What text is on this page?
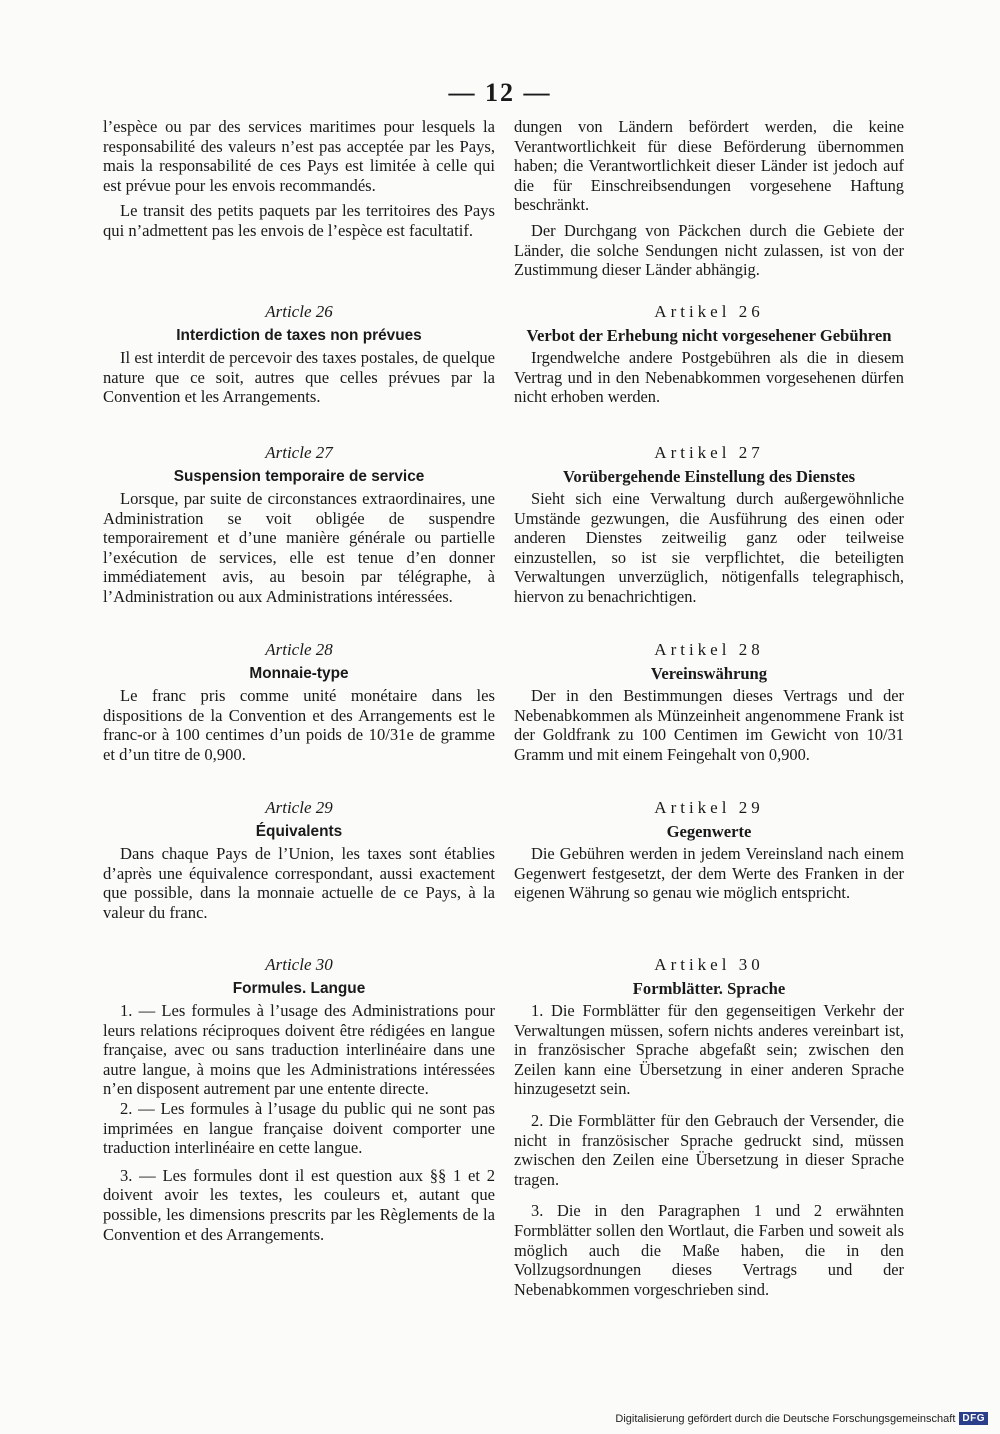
— 12 —

l’espèce ou par des services maritimes pour lesquels la responsabilité des valeurs n’est pas acceptée par les Pays, mais la responsabilité de ces Pays est limitée à celle qui est prévue pour les envois recommandés.

Le transit des petits paquets par les territoires des Pays qui n’admettent pas les envois de l’espèce est facultatif.

Article 26
Interdiction de taxes non prévues

Il est interdit de percevoir des taxes postales, de quelque nature que ce soit, autres que celles prévues par la Convention et les Arrangements.

Article 27
Suspension temporaire de service

Lorsque, par suite de circonstances extraordinaires, une Administration se voit obligée de suspendre temporairement et d’une manière générale ou partielle l’exécution de services, elle est tenue d’en donner immédiatement avis, au besoin par télégraphe, à l’Administration ou aux Administrations intéressées.

Article 28
Monnaie-type

Le franc pris comme unité monétaire dans les dispositions de la Convention et des Arrangements est le franc-or à 100 centimes d’un poids de 10/31e de gramme et d’un titre de 0,900.

Article 29
Équivalents

Dans chaque Pays de l’Union, les taxes sont établies d’après une équivalence correspondant, aussi exactement que possible, dans la monnaie actuelle de ce Pays, à la valeur du franc.

Article 30
Formules. Langue

1. — Les formules à l’usage des Administrations pour leurs relations réciproques doivent être rédigées en langue française, avec ou sans traduction interlinéaire dans une autre langue, à moins que les Administrations intéressées n’en disposent autrement par une entente directe.

2. — Les formules à l’usage du public qui ne sont pas imprimées en langue française doivent comporter une traduction interlinéaire en cette langue.

3. — Les formules dont il est question aux §§ 1 et 2 doivent avoir les textes, les couleurs et, autant que possible, les dimensions prescrits par les Règlements de la Convention et des Arrangements.

dungen von Ländern befördert werden, die keine Verantwortlichkeit für diese Beförderung übernommen haben; die Verantwortlichkeit dieser Länder ist jedoch auf die für Einschreibsendungen vorgesehene Haftung beschränkt.

Der Durchgang von Päckchen durch die Gebiete der Länder, die solche Sendungen nicht zulassen, ist von der Zustimmung dieser Länder abhängig.

Artikel 26
Verbot der Erhebung nicht vorgesehener Gebühren

Irgendwelche andere Postgebühren als die in diesem Vertrag und in den Nebenabkommen vorgesehenen dürfen nicht erhoben werden.

Artikel 27
Vorübergehende Einstellung des Dienstes

Sieht sich eine Verwaltung durch außergewöhnliche Umstände gezwungen, die Ausführung des einen oder anderen Dienstes zeitweilig ganz oder teilweise einzustellen, so ist sie verpflichtet, die beteiligten Verwaltungen unverzüglich, nötigenfalls telegraphisch, hiervon zu benachrichtigen.

Artikel 28
Vereinswährung

Der in den Bestimmungen dieses Vertrags und der Nebenabkommen als Münzeinheit angenommene Frank ist der Goldfrank zu 100 Centimen im Gewicht von 10/31 Gramm und mit einem Feingehalt von 0,900.

Artikel 29
Gegenwerte

Die Gebühren werden in jedem Vereinsland nach einem Gegenwert festgesetzt, der dem Werte des Franken in der eigenen Währung so genau wie möglich entspricht.

Artikel 30
Formblätter. Sprache

1. Die Formblätter für den gegenseitigen Verkehr der Verwaltungen müssen, sofern nichts anderes vereinbart ist, in französischer Sprache abgefaßt sein; zwischen den Zeilen kann eine Übersetzung in einer anderen Sprache hinzugesetzt sein.

2. Die Formblätter für den Gebrauch der Versender, die nicht in französischer Sprache gedruckt sind, müssen zwischen den Zeilen eine Übersetzung in dieser Sprache tragen.

3. Die in den Paragraphen 1 und 2 erwähnten Formblätter sollen den Wortlaut, die Farben und soweit als möglich auch die Maße haben, die in den Vollzugsordnungen dieses Vertrags und der Nebenabkommen vorgeschrieben sind.

Digitalisierung gefördert durch die Deutsche Forschungsgemeinschaft DFG
